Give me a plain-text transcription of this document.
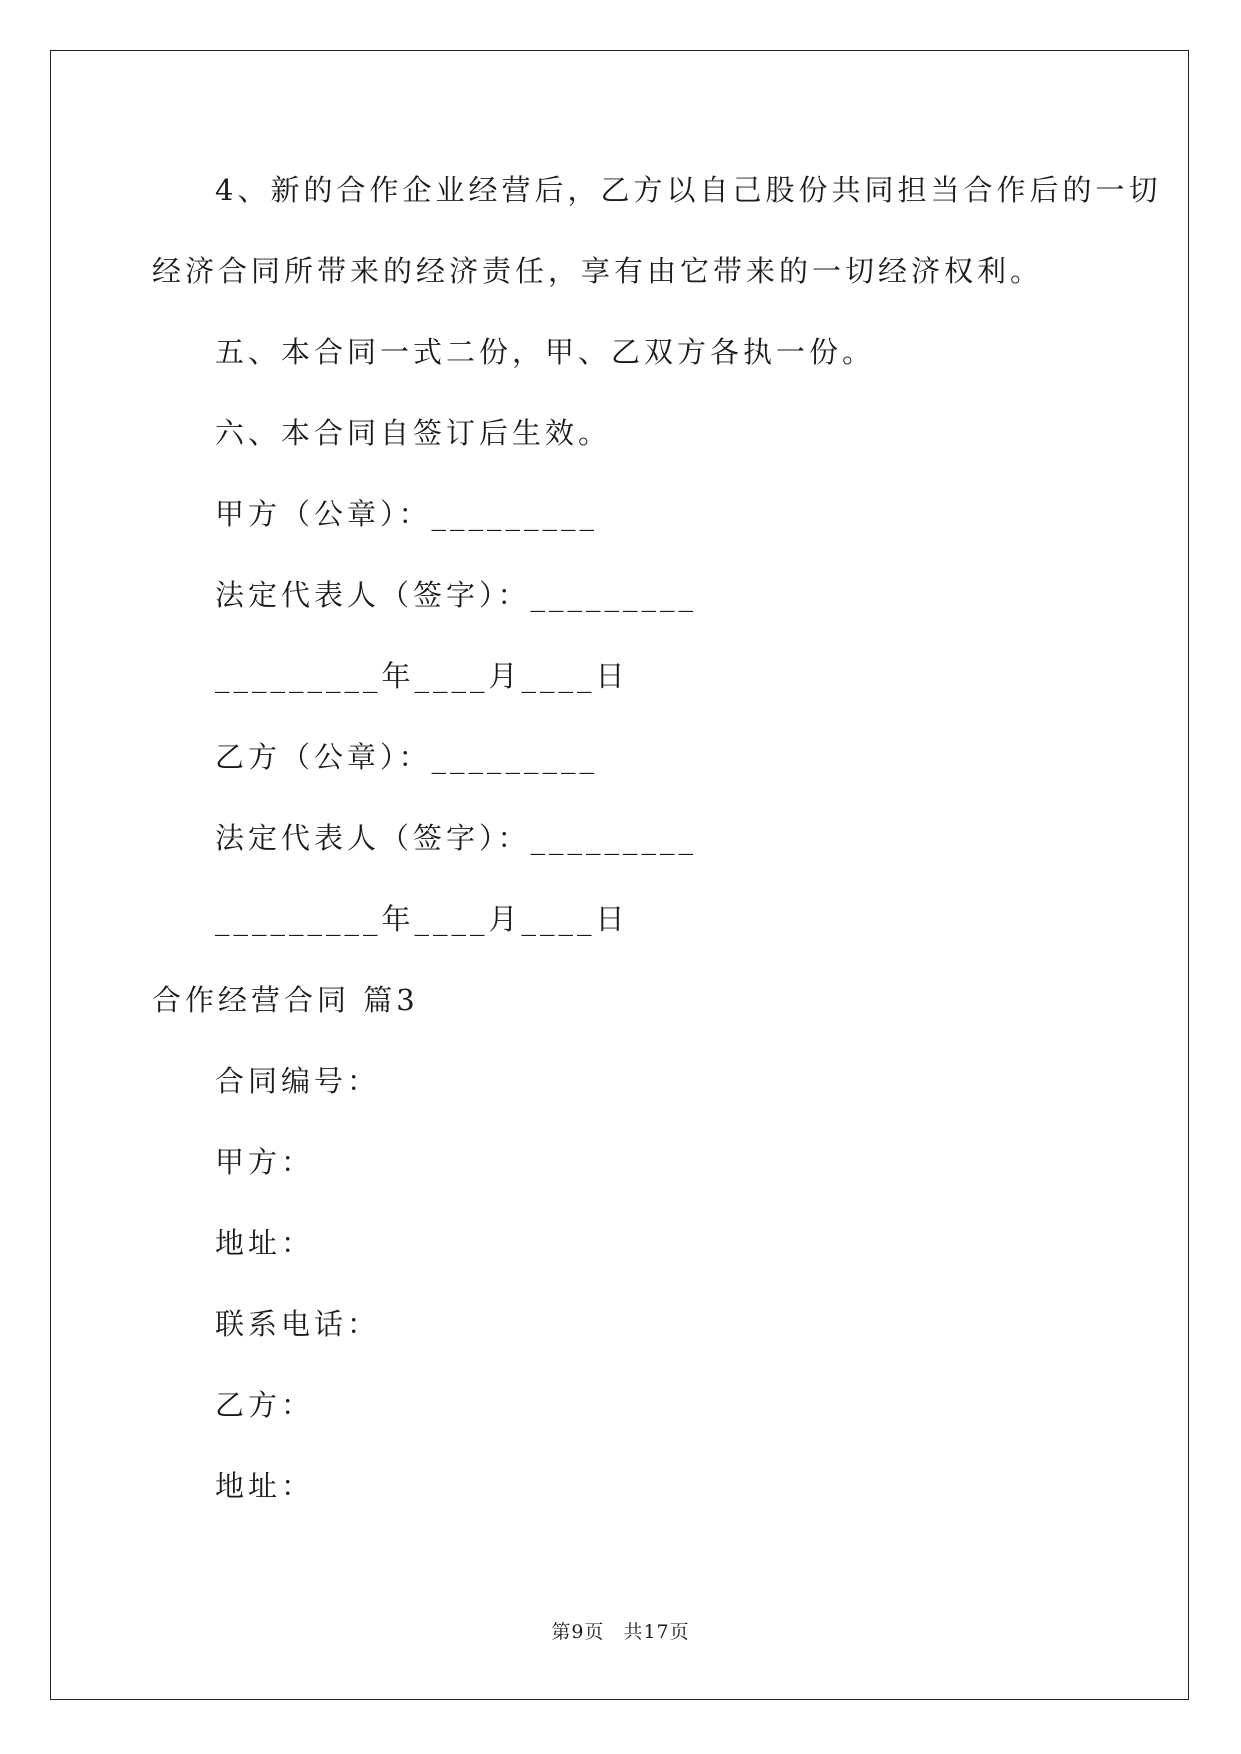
4、新的合作企业经营后，乙方以自己股份共同担当合作后的一切
经济合同所带来的经济责任，享有由它带来的一切经济权利。
五、本合同一式二份，甲、乙双方各执一份。
六、本合同自签订后生效。
甲方（公章）：_________
法定代表人（签字）：_________
_________年____月____日
乙方（公章）：_________
法定代表人（签字）：_________
_________年____月____日
合作经营合同 篇3
合同编号：
甲方：
地址：
联系电话：
乙方：
地址：
第9页 共17页
